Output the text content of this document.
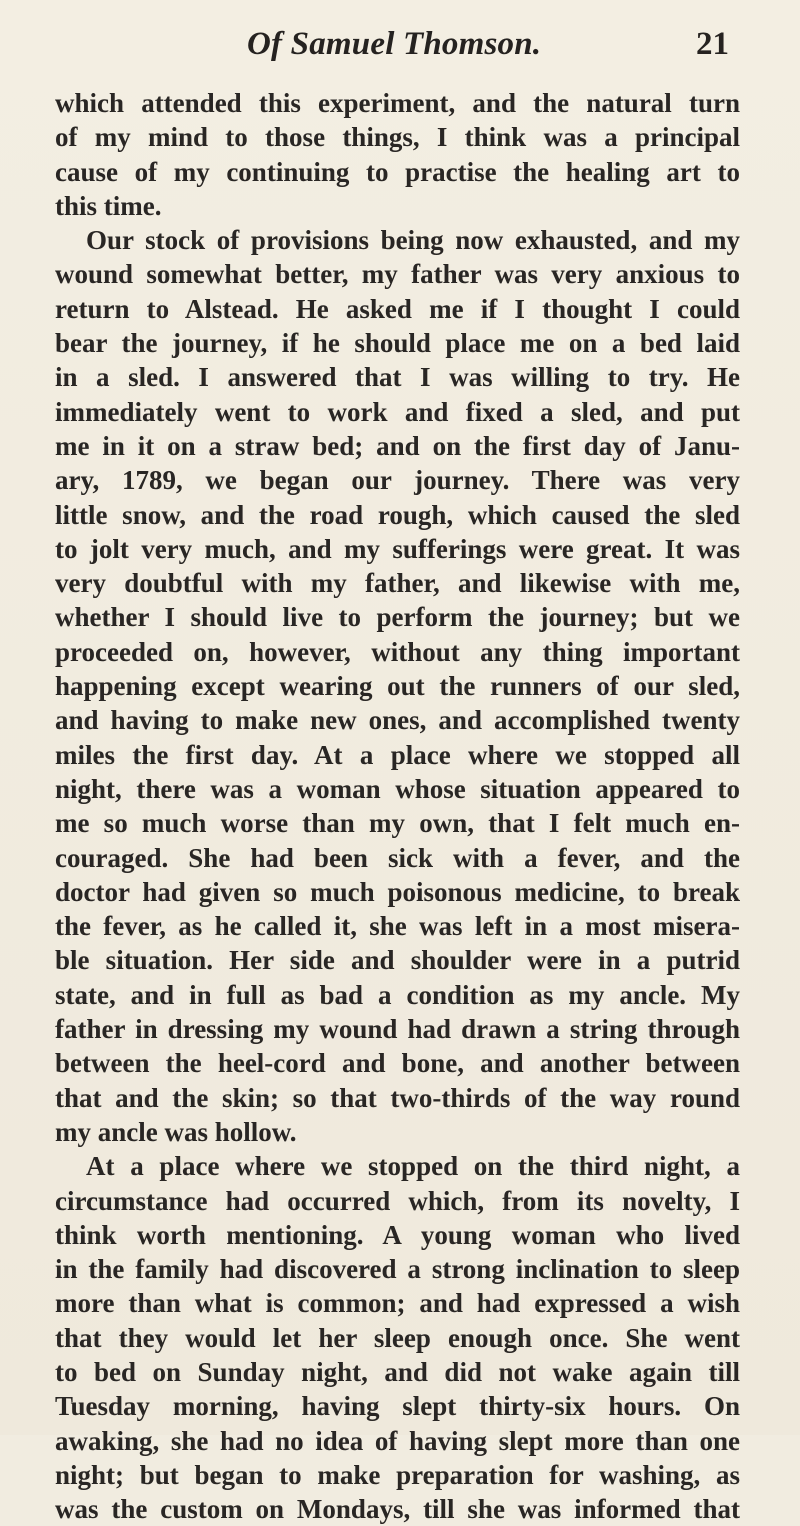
Of Samuel Thomson.	21
which attended this experiment, and the natural turn
of my mind to those things, I think was a principal
cause of my continuing to practise the healing art to
this time.
Our stock of provisions being now exhausted, and my
wound somewhat better, my father was very anxious to
return to Alstead. He asked me if I thought I could
bear the journey, if he should place me on a bed laid
in a sled. I answered that I was willing to try. He
immediately went to work and fixed a sled, and put
me in it on a straw bed; and on the first day of Janu-
ary, 1789, we began our journey. There was very
little snow, and the road rough, which caused the sled
to jolt very much, and my sufferings were great. It was
very doubtful with my father, and likewise with me,
whether I should live to perform the journey; but we
proceeded on, however, without any thing important
happening except wearing out the runners of our sled,
and having to make new ones, and accomplished twenty
miles the first day. At a place where we stopped all
night, there was a woman whose situation appeared to
me so much worse than my own, that I felt much en-
couraged. She had been sick with a fever, and the
doctor had given so much poisonous medicine, to break
the fever, as he called it, she was left in a most misera-
ble situation. Her side and shoulder were in a putrid
state, and in full as bad a condition as my ancle. My
father in dressing my wound had drawn a string through
between the heel-cord and bone, and another between
that and the skin; so that two-thirds of the way round
my ancle was hollow.
At a place where we stopped on the third night, a
circumstance had occurred which, from its novelty, I
think worth mentioning. A young woman who lived
in the family had discovered a strong inclination to sleep
more than what is common; and had expressed a wish
that they would let her sleep enough once. She went
to bed on Sunday night, and did not wake again till
Tuesday morning, having slept thirty-six hours. On
awaking, she had no idea of having slept more than one
night; but began to make preparation for washing, as
was the custom on Mondays, till she was informed that
